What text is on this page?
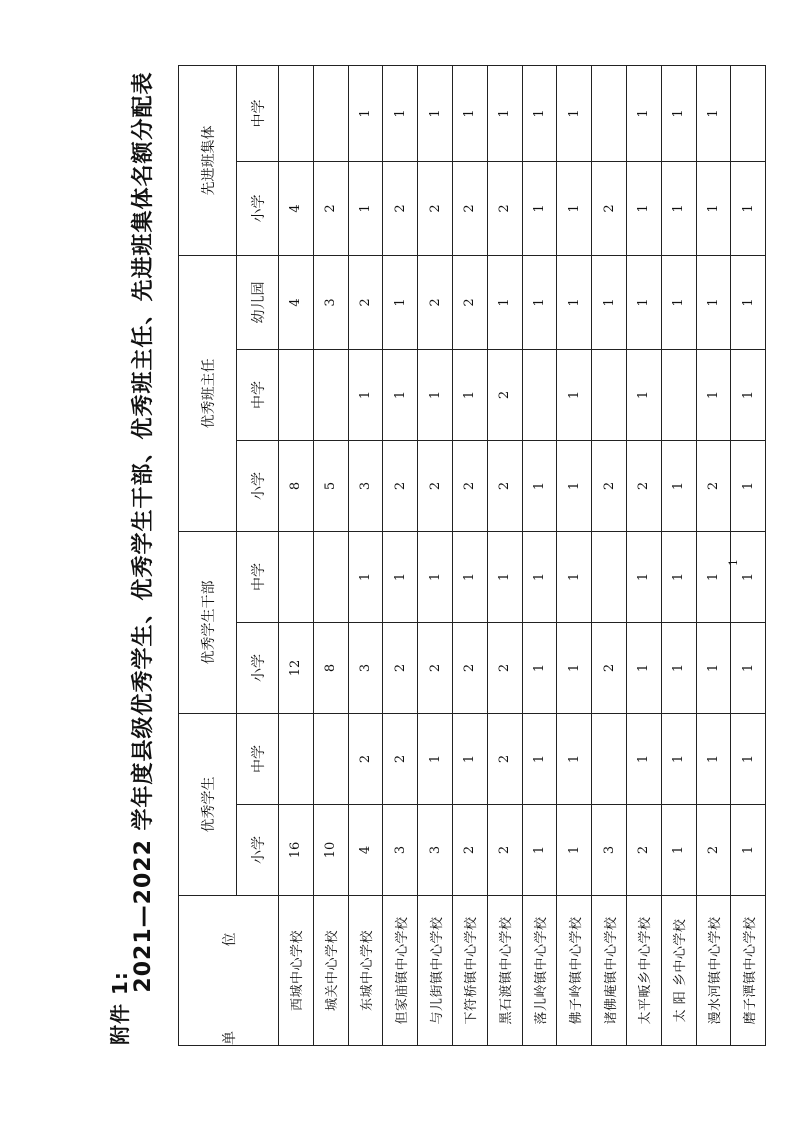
附件 1:
2021—2022 学年度县级优秀学生、优秀学生干部、优秀班主任、先进班集体名额分配表	单 位	优秀学生		优秀学生干部		优秀班主任			先进班集体	
	小学	中学	小学	中学	小学	中学	幼儿园	小学	中学
西城中心学校	16		12		8		4	4	
城关中心学校	10		8		5		3	2	
东城中心学校	4	2	3	1	3	1	2	1	1
但家庙镇中心学校	3	2	2	1	2	1	1	2	1
与儿街镇中心学校	3	1	2	1	2	1	2	2	1
下符桥镇中心学校	2	1	2	1	2	1	2	2	1
黑石渡镇中心学校	2	2	2	1	2	2	1	2	1
落儿岭镇中心学校	1	1	1	1	1		1	1	1
佛子岭镇中心学校	1	1	1	1	1	1	1	1	1
诸佛庵镇中心学校	3		2		2		1	2	
太平畈乡中心学校	2	1	1	1	2	1	1	1	1
太 阳 乡中心学校	1	1	1	1	1		1	1	1
漫水河镇中心学校	2	1	1	1	2	1	1	1	1
磨子潭镇中心学校	1	1	1	1	1	1	1	1	
1
